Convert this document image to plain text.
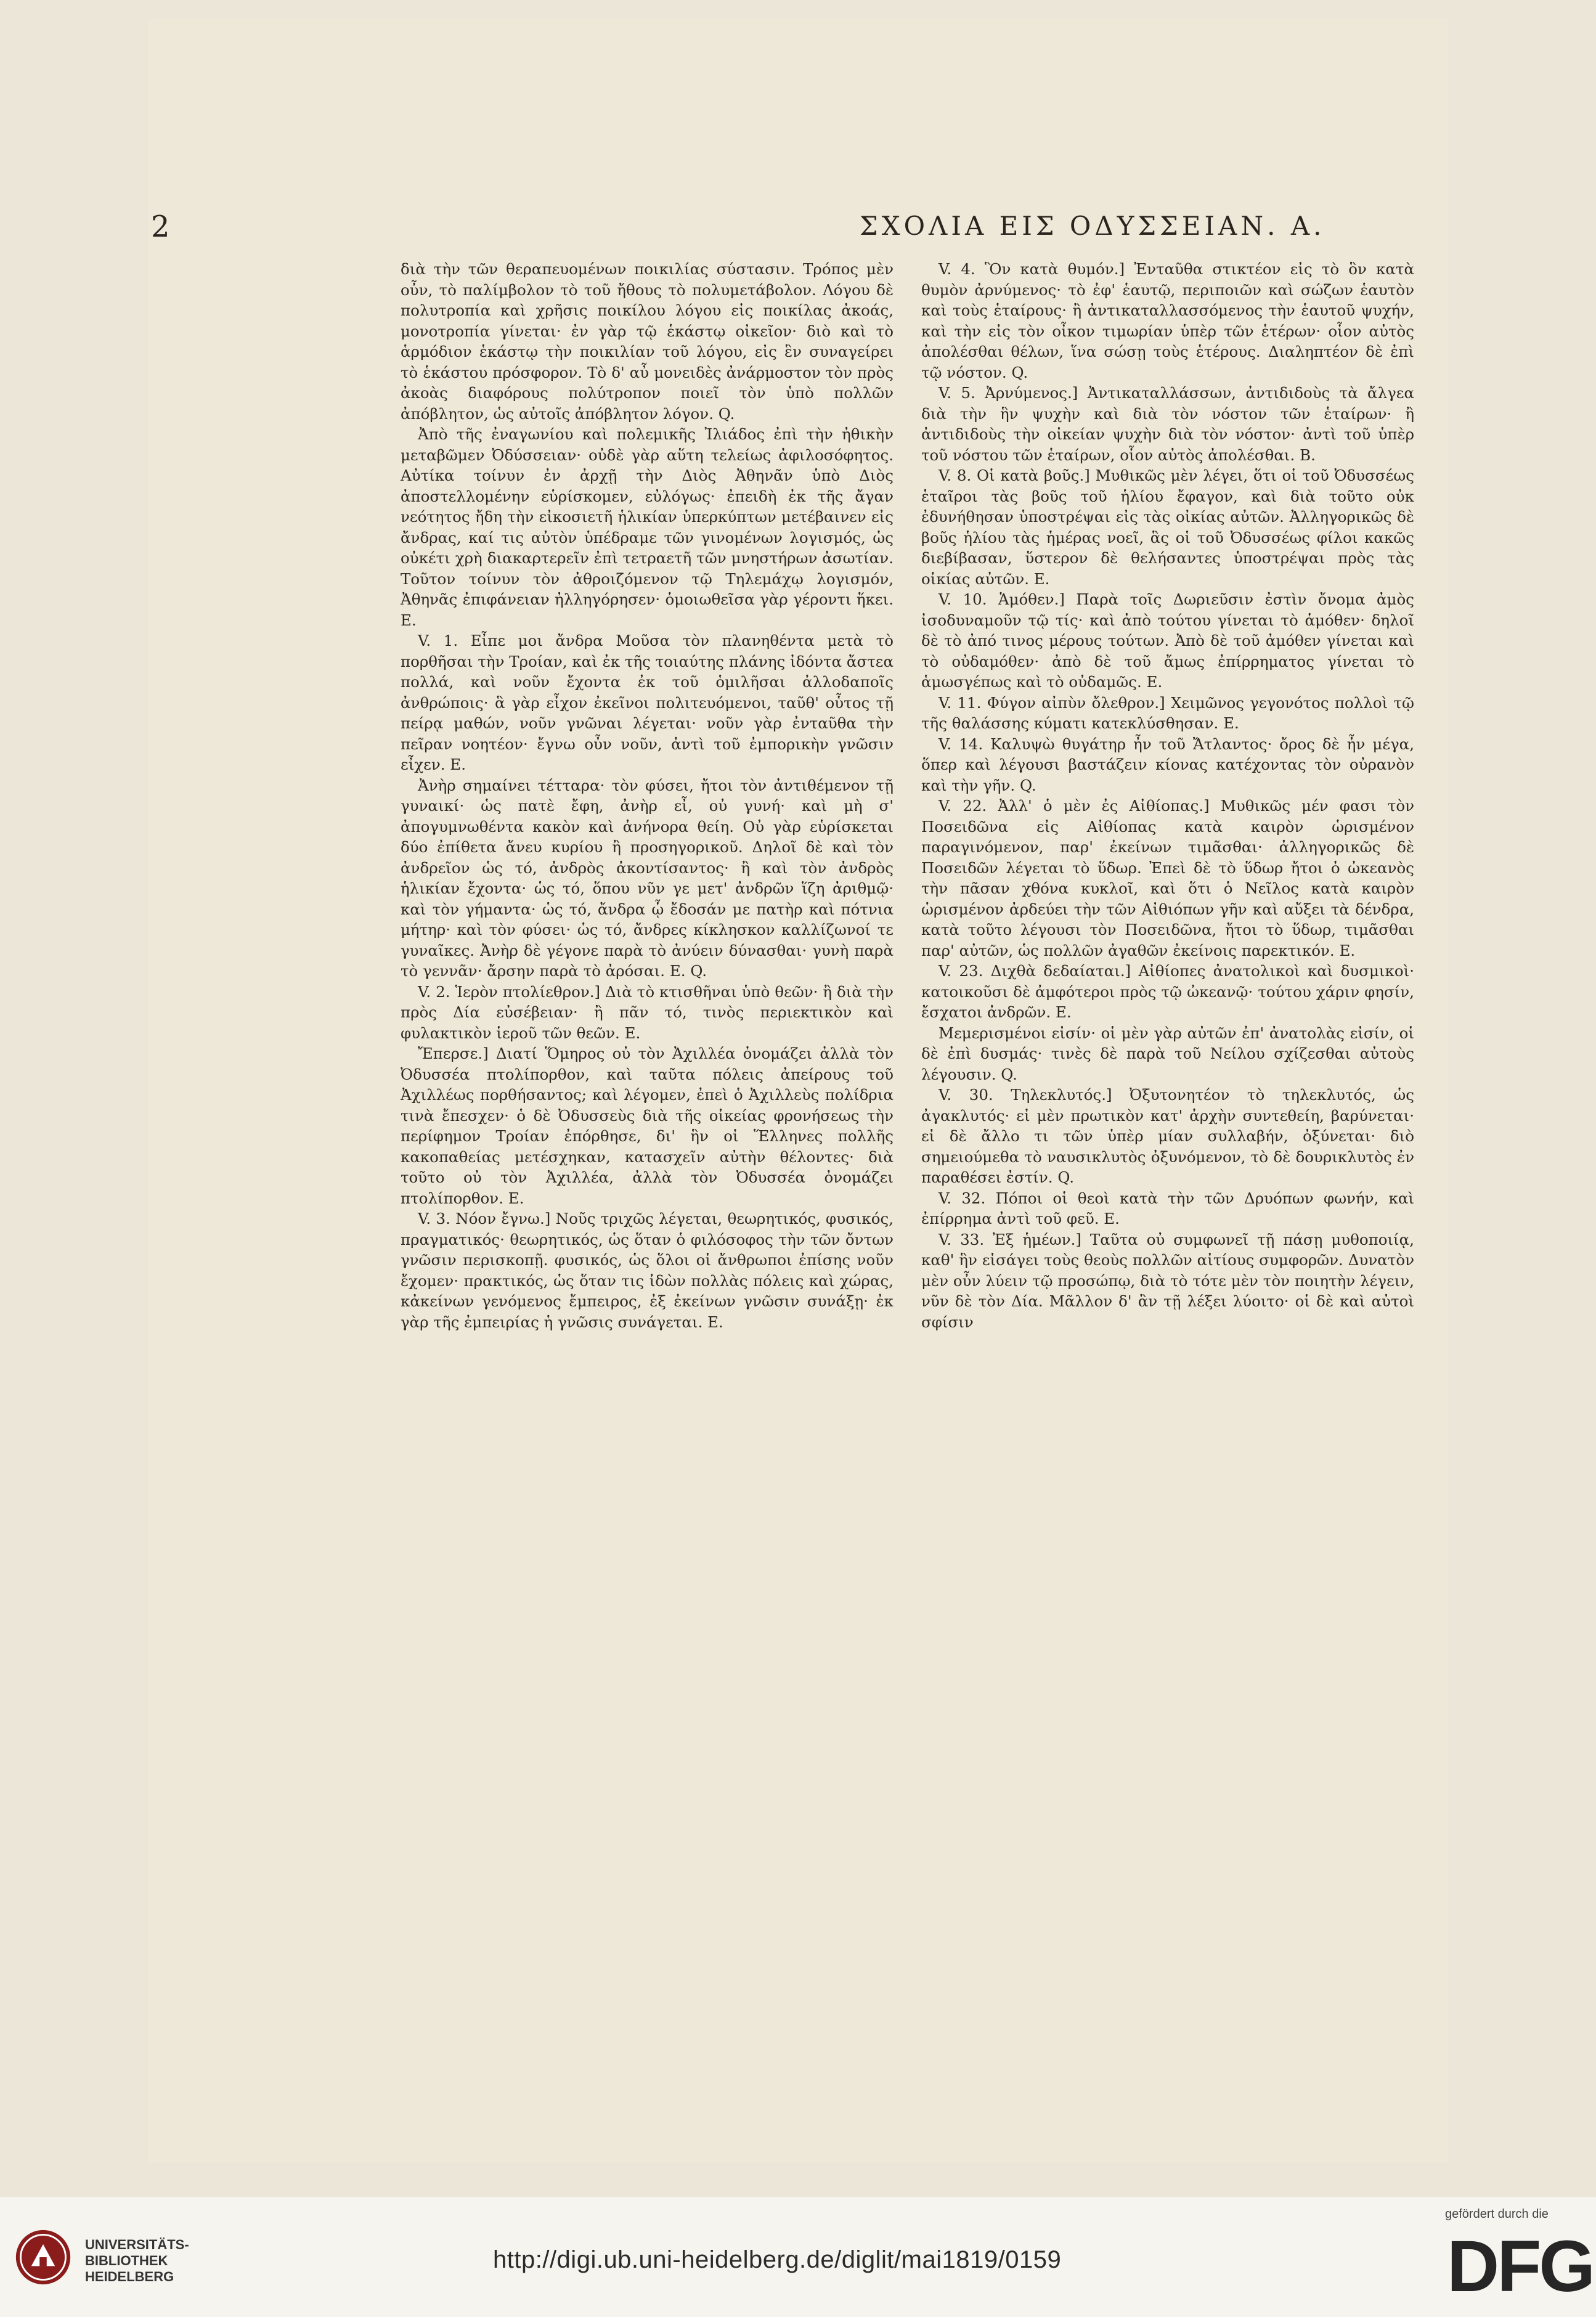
2	ΣΧΟΛΙΑ ΕΙΣ ΟΔΥΣΣΕΙΑΝ. Α.

διὰ τὴν τῶν θεραπευομένων ποικιλίας σύστασιν. Τρόπος μὲν οὖν, τὸ παλίμβολον τὸ τοῦ ἤθους τὸ πολυμετάβολον. Λόγου δὲ πολυτροπία καὶ χρῆσις ποικίλου λόγου εἰς ποικίλας ἀκοάς, μονοτροπία γίνεται· ἐν γὰρ τῷ ἑκάστῳ οἰκεῖον· διὸ καὶ τὸ ἁρμόδιον ἑκάστῳ τὴν ποικιλίαν τοῦ λόγου, εἰς ἓν συναγείρει τὸ ἑκάστου πρόσφορον. Τὸ δ' αὖ μονειδὲς ἀνάρμοστον τὸν πρὸς ἀκοὰς διαφόρους πολύτροπον ποιεῖ τὸν ὑπὸ πολλῶν ἀπόβλητον, ὡς αὐτοῖς ἀπόβλητον λόγον. Q.

Ἀπὸ τῆς ἐναγωνίου καὶ πολεμικῆς Ἰλιάδος ἐπὶ τὴν ἠθικὴν μεταβῶμεν Ὀδύσσειαν· οὐδὲ γὰρ αὕτη τελείως ἀφιλοσόφητος. Αὐτίκα τοίνυν ἐν ἀρχῇ τὴν Διὸς Ἀθηνᾶν ὑπὸ Διὸς ἀποστελλομένην εὑρίσκομεν, εὐλόγως· ἐπειδὴ ἐκ τῆς ἄγαν νεότητος ἤδη τὴν εἰκοσιετῆ ἡλικίαν ὑπερκύπτων μετέβαινεν εἰς ἄνδρας, καί τις αὐτὸν ὑπέδραμε τῶν γινομένων λογισμός, ὡς οὐκέτι χρὴ διακαρτερεῖν ἐπὶ τετραετῆ τῶν μνηστήρων ἀσωτίαν. Τοῦτον τοίνυν τὸν ἀθροιζόμενον τῷ Τηλεμάχῳ λογισμόν, Ἀθηνᾶς ἐπιφάνειαν ἠλληγόρησεν· ὁμοιωθεῖσα γὰρ γέροντι ἥκει. E.

V. 1. Εἶπε μοι ἄνδρα Μοῦσα τὸν πλανηθέντα μετὰ τὸ πορθῆσαι τὴν Τροίαν, καὶ ἐκ τῆς τοιαύτης πλάνης ἰδόντα ἄστεα πολλά, καὶ νοῦν ἔχοντα ἐκ τοῦ ὁμιλῆσαι ἀλλοδαποῖς ἀνθρώποις· ἃ γὰρ εἶχον ἐκεῖνοι πολιτευόμενοι, ταῦθ' οὗτος τῇ πείρᾳ μαθών, νοῦν γνῶναι λέγεται· νοῦν γὰρ ἐνταῦθα τὴν πεῖραν νοητέον· ἔγνω οὖν νοῦν, ἀντὶ τοῦ ἐμπορικὴν γνῶσιν εἶχεν. E.

Ἀνὴρ σημαίνει τέτταρα· τὸν φύσει, ἤτοι τὸν ἀντιθέμενον τῇ γυναικί· ὡς πατὲ ἔφη, ἀνὴρ εἶ, οὐ γυνή· καὶ μὴ σ' ἀπογυμνωθέντα κακὸν καὶ ἀνήνορα θείη. Οὐ γὰρ εὑρίσκεται δύο ἐπίθετα ἄνευ κυρίου ἢ προσηγορικοῦ. Δηλοῖ δὲ καὶ τὸν ἀνδρεῖον ὡς τό, ἀνδρὸς ἀκοντίσαντος· ἢ καὶ τὸν ἀνδρὸς ἡλικίαν ἔχοντα· ὡς τό, ὅπου νῦν γε μετ' ἀνδρῶν ἵζη ἀριθμῷ· καὶ τὸν γήμαντα· ὡς τό, ἄνδρα ᾧ ἔδοσάν με πατὴρ καὶ πότνια μήτηρ· καὶ τὸν φύσει· ὡς τό, ἄνδρες κίκλησκον καλλίζωνοί τε γυναῖκες. Ἀνὴρ δὲ γέγονε παρὰ τὸ ἀνύειν δύνασθαι· γυνὴ παρὰ τὸ γεννᾶν· ἄρσην παρὰ τὸ ἀρόσαι. E. Q.

V. 2. Ἱερὸν πτολίεθρον.] Διὰ τὸ κτισθῆναι ὑπὸ θεῶν· ἢ διὰ τὴν πρὸς Δία εὐσέβειαν· ἢ πᾶν τό, τινὸς περιεκτικὸν καὶ φυλακτικὸν ἱεροῦ τῶν θεῶν. E.

Ἔπερσε.] Διατί Ὅμηρος οὐ τὸν Ἀχιλλέα ὀνομάζει ἀλλὰ τὸν Ὀδυσσέα πτολίπορθον, καὶ ταῦτα πόλεις ἀπείρους τοῦ Ἀχιλλέως πορθήσαντος; καὶ λέγομεν, ἐπεὶ ὁ Ἀχιλλεὺς πολίδρια τινὰ ἔπεσχεν· ὁ δὲ Ὀδυσσεὺς διὰ τῆς οἰκείας φρονήσεως τὴν περίφημον Τροίαν ἐπόρθησε, δι' ἣν οἱ Ἕλληνες πολλῆς κακοπαθείας μετέσχηκαν, κατασχεῖν αὐτὴν θέλοντες· διὰ τοῦτο οὐ τὸν Ἀχιλλέα, ἀλλὰ τὸν Ὀδυσσέα ὀνομάζει πτολίπορθον. E.

V. 3. Νόον ἔγνω.] Νοῦς τριχῶς λέγεται, θεωρητικός, φυσικός, πραγματικός· θεωρητικός, ὡς ὅταν ὁ φιλόσοφος τὴν τῶν ὄντων γνῶσιν περισκοπῇ. φυσικός, ὡς ὅλοι οἱ ἄνθρωποι ἐπίσης νοῦν ἔχομεν· πρακτικός, ὡς ὅταν τις ἰδὼν πολλὰς πόλεις καὶ χώρας, κἀκείνων γενόμενος ἔμπειρος, ἐξ ἐκείνων γνῶσιν συνάξῃ· ἐκ γὰρ τῆς ἐμπειρίας ἡ γνῶσις συνάγεται. E.

V. 4. Ὃν κατὰ θυμόν.] Ἐνταῦθα στικτέον εἰς τὸ ὃν κατὰ θυμὸν ἀρνύμενος· τὸ ἐφ' ἑαυτῷ, περιποιῶν καὶ σώζων ἑαυτὸν καὶ τοὺς ἑταίρους· ἢ ἀντικαταλλασσόμενος τὴν ἑαυτοῦ ψυχήν, καὶ τὴν εἰς τὸν οἶκον τιμωρίαν ὑπὲρ τῶν ἑτέρων· οἷον αὐτὸς ἀπολέσθαι θέλων, ἵνα σώσῃ τοὺς ἑτέρους. Διαληπτέον δὲ ἐπὶ τῷ νόστον. Q.

V. 5. Ἀρνύμενος.] Ἀντικαταλλάσσων, ἀντιδιδοὺς τὰ ἄλγεα διὰ τὴν ἣν ψυχὴν καὶ διὰ τὸν νόστον τῶν ἑταίρων· ἢ ἀντιδιδοὺς τὴν οἰκείαν ψυχὴν διὰ τὸν νόστον· ἀντὶ τοῦ ὑπὲρ τοῦ νόστου τῶν ἑταίρων, οἷον αὐτὸς ἀπολέσθαι. B.

V. 8. Οἱ κατὰ βοῦς.] Μυθικῶς μὲν λέγει, ὅτι οἱ τοῦ Ὀδυσσέως ἑταῖροι τὰς βοῦς τοῦ ἡλίου ἔφαγον, καὶ διὰ τοῦτο οὐκ ἐδυνήθησαν ὑποστρέψαι εἰς τὰς οἰκίας αὐτῶν. Ἀλληγορικῶς δὲ βοῦς ἡλίου τὰς ἡμέρας νοεῖ, ἃς οἱ τοῦ Ὀδυσσέως φίλοι κακῶς διεβίβασαν, ὕστερον δὲ θελήσαντες ὑποστρέψαι πρὸς τὰς οἰκίας αὐτῶν. E.

V. 10. Ἁμόθεν.] Παρὰ τοῖς Δωριεῦσιν ἐστὶν ὄνομα ἀμὸς ἰσοδυναμοῦν τῷ τίς· καὶ ἀπὸ τούτου γίνεται τὸ ἁμόθεν· δηλοῖ δὲ τὸ ἀπό τινος μέρους τούτων. Ἀπὸ δὲ τοῦ ἀμόθεν γίνεται καὶ τὸ οὐδαμόθεν· ἀπὸ δὲ τοῦ ἄμως ἐπίρρηματος γίνεται τὸ ἁμωσγέπως καὶ τὸ οὐδαμῶς. E.

V. 11. Φύγον αἰπὺν ὄλεθρον.] Χειμῶνος γεγονότος πολλοὶ τῷ τῆς θαλάσσης κύματι κατεκλύσθησαν. E.

V. 14. Καλυψὼ θυγάτηρ ἦν τοῦ Ἄτλαντος· ὄρος δὲ ἦν μέγα, ὅπερ καὶ λέγουσι βαστάζειν κίονας κατέχοντας τὸν οὐρανὸν καὶ τὴν γῆν. Q.

V. 22. Ἀλλ' ὁ μὲν ἐς Αἰθίοπας.] Μυθικῶς μέν φασι τὸν Ποσειδῶνα εἰς Αἰθίοπας κατὰ καιρὸν ὡρισμένον παραγινόμενον, παρ' ἐκείνων τιμᾶσθαι· ἀλληγορικῶς δὲ Ποσειδῶν λέγεται τὸ ὕδωρ. Ἐπεὶ δὲ τὸ ὕδωρ ἤτοι ὁ ὠκεανὸς τὴν πᾶσαν χθόνα κυκλοῖ, καὶ ὅτι ὁ Νεῖλος κατὰ καιρὸν ὡρισμένον ἀρδεύει τὴν τῶν Αἰθιόπων γῆν καὶ αὔξει τὰ δένδρα, κατὰ τοῦτο λέγουσι τὸν Ποσειδῶνα, ἤτοι τὸ ὕδωρ, τιμᾶσθαι παρ' αὐτῶν, ὡς πολλῶν ἀγαθῶν ἐκείνοις παρεκτικόν. E.

V. 23. Διχθὰ δεδαίαται.] Αἰθίοπες ἀνατολικοὶ καὶ δυσμικοὶ· κατοικοῦσι δὲ ἀμφότεροι πρὸς τῷ ὠκεανῷ· τούτου χάριν φησίν, ἔσχατοι ἀνδρῶν. E.

Μεμερισμένοι εἰσίν· οἱ μὲν γὰρ αὐτῶν ἐπ' ἀνατολὰς εἰσίν, οἱ δὲ ἐπὶ δυσμάς· τινὲς δὲ παρὰ τοῦ Νείλου σχίζεσθαι αὐτοὺς λέγουσιν. Q.

V. 30. Τηλεκλυτός.] Ὀξυτονητέον τὸ τηλεκλυτός, ὡς ἀγακλυτός· εἰ μὲν πρωτικὸν κατ' ἀρχὴν συντεθείη, βαρύνεται· εἰ δὲ ἄλλο τι τῶν ὑπὲρ μίαν συλλαβήν, ὀξύνεται· διὸ σημειούμεθα τὸ ναυσικλυτὸς ὀξυνόμενον, τὸ δὲ δουρικλυτὸς ἐν παραθέσει ἐστίν. Q.

V. 32. Πόποι οἱ θεοὶ κατὰ τὴν τῶν Δρυόπων φωνήν, καὶ ἐπίρρημα ἀντὶ τοῦ φεῦ. E.

V. 33. Ἐξ ἡμέων.] Ταῦτα οὐ συμφωνεῖ τῇ πάσῃ μυθοποιίᾳ, καθ' ἣν εἰσάγει τοὺς θεοὺς πολλῶν αἰτίους συμφορῶν. Δυνατὸν μὲν οὖν λύειν τῷ προσώπῳ, διὰ τὸ τότε μὲν τὸν ποιητὴν λέγειν, νῦν δὲ τὸν Δία. Μᾶλλον δ' ἂν τῇ λέξει λύοιτο· οἱ δὲ καὶ αὐτοὶ σφίσιν

UNIVERSITÄTS-
BIBLIOTHEK
HEIDELBERG
http://digi.ub.uni-heidelberg.de/diglit/mai1819/0159
gefördert durch die
DFG
